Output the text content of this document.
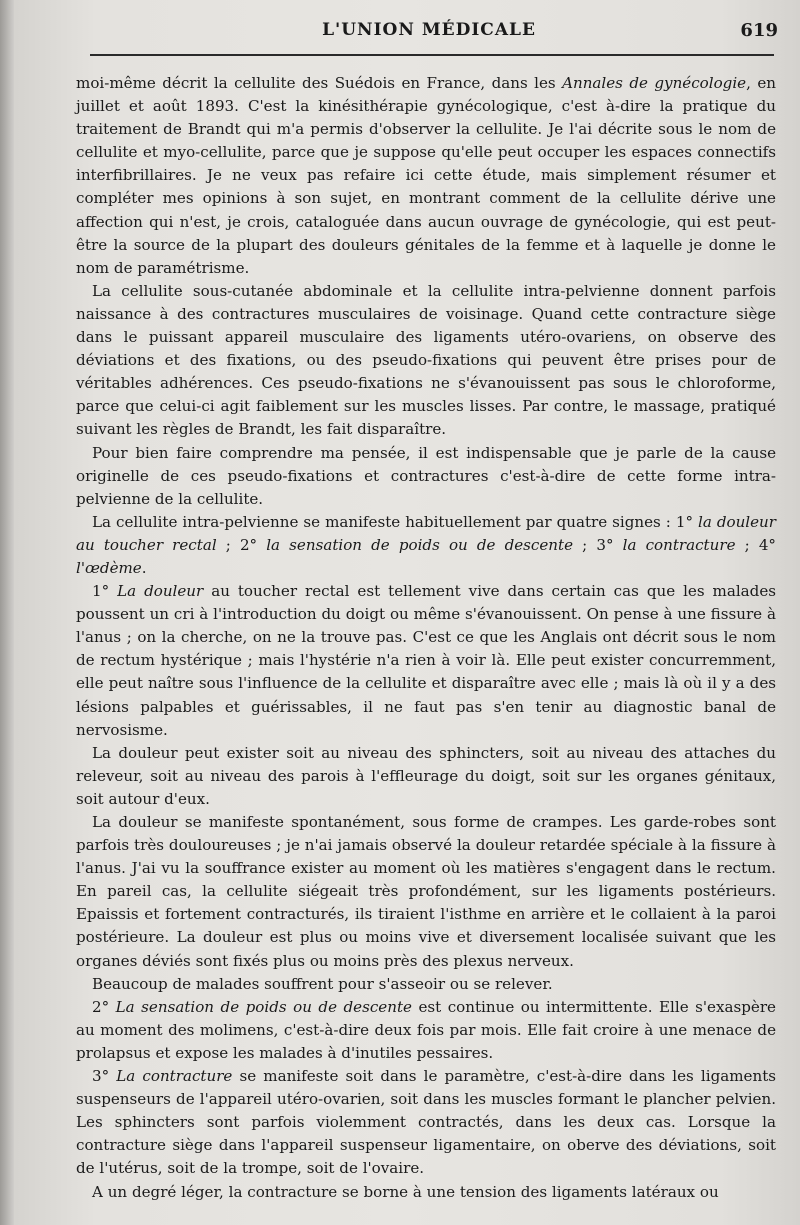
L'UNION MÉDICALE	619

moi-même décrit la cellulite des Suédois en France, dans les Annales de gynécologie, en juillet et août 1893. C'est la kinésithérapie gynécologique, c'est à-dire la pratique du traitement de Brandt qui m'a permis d'observer la cellulite. Je l'ai décrite sous le nom de cellulite et myo-cellulite, parce que je suppose qu'elle peut occuper les espaces connectifs interfibrillaires. Je ne veux pas refaire ici cette étude, mais simplement résumer et compléter mes opinions à son sujet, en montrant comment de la cellulite dérive une affection qui n'est, je crois, cataloguée dans aucun ouvrage de gynécologie, qui est peut-être la source de la plupart des douleurs génitales de la femme et à laquelle je donne le nom de paramétrisme.

La cellulite sous-cutanée abdominale et la cellulite intra-pelvienne donnent parfois naissance à des contractures musculaires de voisinage. Quand cette contracture siège dans le puissant appareil musculaire des ligaments utéro-ovariens, on observe des déviations et des fixations, ou des pseudo-fixations qui peuvent être prises pour de véritables adhérences. Ces pseudo-fixations ne s'évanouissent pas sous le chloroforme, parce que celui-ci agit faiblement sur les muscles lisses. Par contre, le massage, pratiqué suivant les règles de Brandt, les fait disparaître.

Pour bien faire comprendre ma pensée, il est indispensable que je parle de la cause originelle de ces pseudo-fixations et contractures c'est-à-dire de cette forme intra-pelvienne de la cellulite.

La cellulite intra-pelvienne se manifeste habituellement par quatre signes : 1° la douleur au toucher rectal ; 2° la sensation de poids ou de descente ; 3° la contracture ; 4° l'œdème.

1° La douleur au toucher rectal est tellement vive dans certain cas que les malades poussent un cri à l'introduction du doigt ou même s'évanouissent. On pense à une fissure à l'anus ; on la cherche, on ne la trouve pas. C'est ce que les Anglais ont décrit sous le nom de rectum hystérique ; mais l'hystérie n'a rien à voir là. Elle peut exister concurremment, elle peut naître sous l'influence de la cellulite et disparaître avec elle ; mais là où il y a des lésions palpables et guérissables, il ne faut pas s'en tenir au diagnostic banal de nervosisme.

La douleur peut exister soit au niveau des sphincters, soit au niveau des attaches du releveur, soit au niveau des parois à l'effleurage du doigt, soit sur les organes génitaux, soit autour d'eux.

La douleur se manifeste spontanément, sous forme de crampes. Les garde-robes sont parfois très douloureuses ; je n'ai jamais observé la douleur retardée spéciale à la fissure à l'anus. J'ai vu la souffrance exister au moment où les matières s'engagent dans le rectum. En pareil cas, la cellulite siégeait très profondément, sur les ligaments postérieurs. Epaissis et fortement contracturés, ils tiraient l'isthme en arrière et le collaient à la paroi postérieure. La douleur est plus ou moins vive et diversement localisée suivant que les organes déviés sont fixés plus ou moins près des plexus nerveux.

Beaucoup de malades souffrent pour s'asseoir ou se relever.

2° La sensation de poids ou de descente est continue ou intermittente. Elle s'exaspère au moment des molimens, c'est-à-dire deux fois par mois. Elle fait croire à une menace de prolapsus et expose les malades à d'inutiles pessaires.

3° La contracture se manifeste soit dans le paramètre, c'est-à-dire dans les ligaments suspenseurs de l'appareil utéro-ovarien, soit dans les muscles formant le plancher pelvien. Les sphincters sont parfois violemment contractés, dans les deux cas. Lorsque la contracture siège dans l'appareil suspenseur ligamentaire, on oberve des déviations, soit de l'utérus, soit de la trompe, soit de l'ovaire.

A un degré léger, la contracture se borne à une tension des ligaments latéraux ou
